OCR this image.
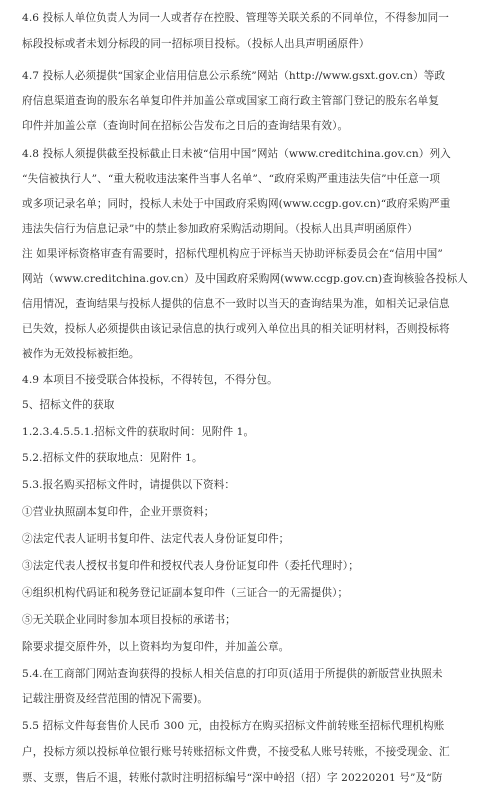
4.6 投标人单位负责人为同一人或者存在控股、管理等关联关系的不同单位，不得参加同一
标段投标或者未划分标段的同一招标项目投标。（投标人出具声明函原件）
4.7 投标人必须提供“国家企业信用信息公示系统”网站（http://www.gsxt.gov.cn）等政
府信息渠道查询的股东名单复印件并加盖公章或国家工商行政主管部门登记的股东名单复
印件并加盖公章（查询时间在招标公告发布之日后的查询结果有效）。
4.8 投标人须提供截至投标截止日未被“信用中国”网站（www.creditchina.gov.cn）列入
“失信被执行人”、“重大税收违法案件当事人名单”、“政府采购严重违法失信”中任意一项
或多项记录名单；同时，投标人未处于中国政府采购网(www.ccgp.gov.cn)“政府采购严重
违法失信行为信息记录”中的禁止参加政府采购活动期间。（投标人出具声明函原件）
注 如果评标资格审查有需要时，招标代理机构应于评标当天协助评标委员会在“信用中国”
网站（www.creditchina.gov.cn）及中国政府采购网(www.ccgp.gov.cn)查询核验各投标人
信用情况，查询结果与投标人提供的信息不一致时以当天的查询结果为准，如相关记录信息
已失效，投标人必须提供由该记录信息的执行或列入单位出具的相关证明材料，否则投标将
被作为无效投标被拒绝。
4.9 本项目不接受联合体投标，不得转包，不得分包。
5、招标文件的获取
1.2.3.4.5.5.1.招标文件的获取时间：见附件 1。
5.2.招标文件的获取地点：见附件 1。
5.3.报名购买招标文件时，请提供以下资料：
①营业执照副本复印件，企业开票资料；
②法定代表人证明书复印件、法定代表人身份证复印件；
③法定代表人授权书复印件和授权代表人身份证复印件（委托代理时）；
④组织机构代码证和税务登记证副本复印件（三证合一的无需提供）；
⑤无关联企业同时参加本项目投标的承诺书；
除要求提交原件外，以上资料均为复印件，并加盖公章。
5.4.在工商部门网站查询获得的投标人相关信息的打印页(适用于所提供的新版营业执照未
记载注册资及经营范围的情况下需要)。
5.5 招标文件每套售价人民币 300 元，由投标方在购买招标文件前转账至招标代理机构账
户，投标方须以投标单位银行账号转账招标文件费，不接受私人账号转账，不接受现金、汇
票、支票，售后不退，转账付款时注明招标编号“深中岭招（招）字 20220201 号”及“防
